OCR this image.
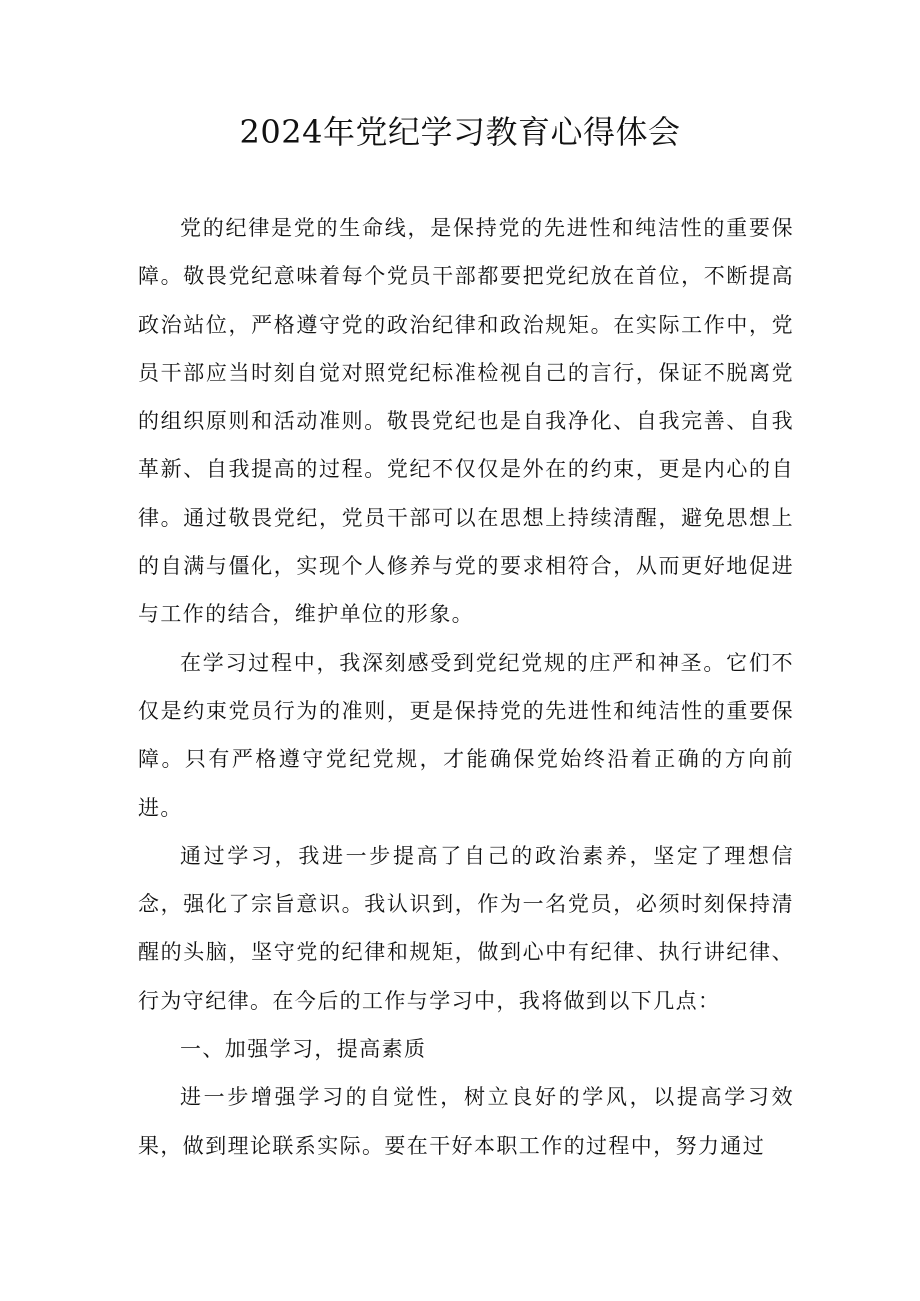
2024年党纪学习教育心得体会

党的纪律是党的生命线，是保持党的先进性和纯洁性的重要保障。敬畏党纪意味着每个党员干部都要把党纪放在首位，不断提高政治站位，严格遵守党的政治纪律和政治规矩。在实际工作中，党员干部应当时刻自觉对照党纪标准检视自己的言行，保证不脱离党的组织原则和活动准则。敬畏党纪也是自我净化、自我完善、自我革新、自我提高的过程。党纪不仅仅是外在的约束，更是内心的自律。通过敬畏党纪，党员干部可以在思想上持续清醒，避免思想上的自满与僵化，实现个人修养与党的要求相符合，从而更好地促进与工作的结合，维护单位的形象。

在学习过程中，我深刻感受到党纪党规的庄严和神圣。它们不仅是约束党员行为的准则，更是保持党的先进性和纯洁性的重要保障。只有严格遵守党纪党规，才能确保党始终沿着正确的方向前进。

通过学习，我进一步提高了自己的政治素养，坚定了理想信念，强化了宗旨意识。我认识到，作为一名党员，必须时刻保持清醒的头脑，坚守党的纪律和规矩，做到心中有纪律、执行讲纪律、行为守纪律。在今后的工作与学习中，我将做到以下几点：

一、加强学习，提高素质

进一步增强学习的自觉性，树立良好的学风，以提高学习效果，做到理论联系实际。要在干好本职工作的过程中，努力通过
